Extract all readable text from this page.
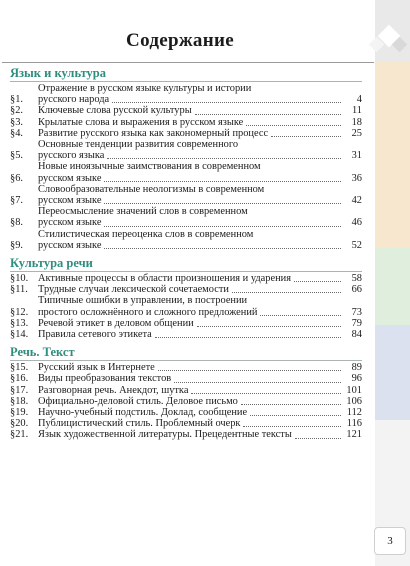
3
Содержание
Язык и культура
§1.
Отражение в русском языке культуры и истории
русского народа	4
§2.	Ключевые слова русской культуры	11
§3.	Крылатые слова и выражения в русском языке	18
§4.	Развитие русского языка как закономерный процесс	25
§5.
Основные тенденции развития современного
русского языка	31
§6.
Новые иноязычные заимствования в современном
русском языке	36
§7.
Словообразовательные неологизмы в современном
русском языке	42
§8.
Переосмысление значений слов в современном
русском языке	46
§9.
Стилистическая переоценка слов в современном
русском языке	52
Культура речи
§10. Активные процессы в области произношения и ударения	58
§11. Трудные случаи лексической сочетаемости	66
§12.
Типичные ошибки в управлении, в построении
простого осложнённого и сложного предложений	73
§13. Речевой этикет в деловом общении	79
§14. Правила сетевого этикета	84
Речь. Текст
§15. Русский язык в Интернете	89
§16. Виды преобразования текстов	96
§17. Разговорная речь. Анекдот, шутка	101
§18. Официально-деловой стиль. Деловое письмо	106
§19. Научно-учебный подстиль. Доклад, сообщение	112
§20. Публицистический стиль. Проблемный очерк	116
§21. Язык художественной литературы. Прецедентные тексты	121
